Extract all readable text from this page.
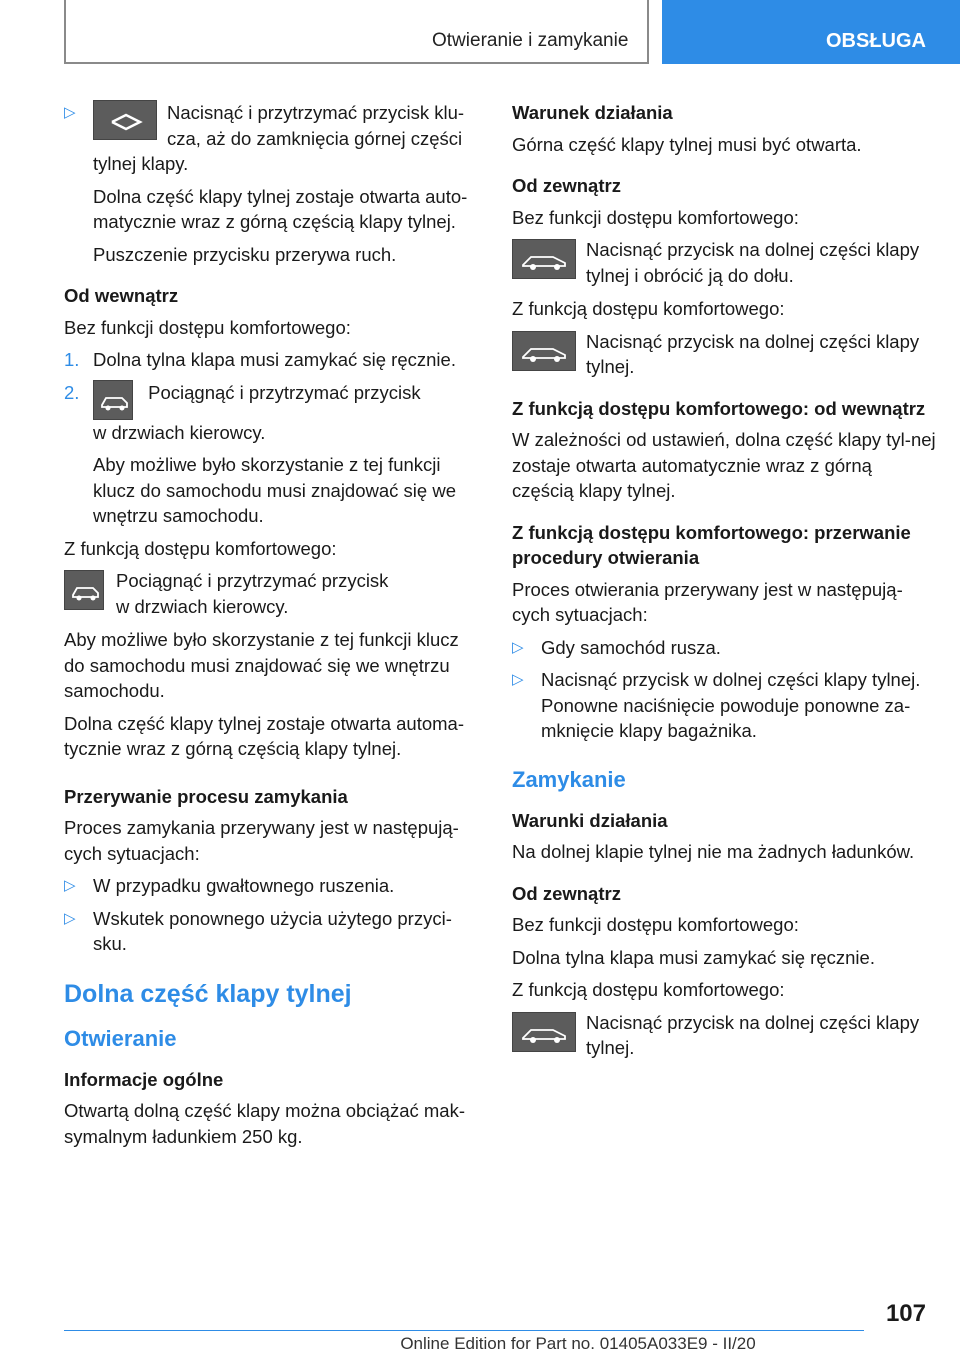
Otwieranie i zamykanie	OBSŁUGA
▷	Nacisnąć i przytrzymać przycisk klu-
cza, aż do zamknięcia górnej części
tylnej klapy.

Dolna część klapy tylnej zostaje otwarta auto-matycznie wraz z górną częścią klapy tylnej.

Puszczenie przycisku przerywa ruch.

Od wewnątrz

Bez funkcji dostępu komfortowego:

1. Dolna tylna klapa musi zamykać się ręcznie.
2.	Pociągnąć i przytrzymać przycisk
w drzwiach kierowcy.

Aby możliwe było skorzystanie z tej funkcji klucz do samochodu musi znajdować się we wnętrzu samochodu.

Z funkcją dostępu komfortowego:

Pociągnąć i przytrzymać przycisk
w drzwiach kierowcy.

Aby możliwe było skorzystanie z tej funkcji klucz do samochodu musi znajdować się we wnętrzu samochodu.

Dolna część klapy tylnej zostaje otwarta automa-tycznie wraz z górną częścią klapy tylnej.

Przerywanie procesu zamykania

Proces zamykania przerywany jest w następują-cych sytuacjach:

▷ W przypadku gwałtownego ruszenia.
▷ Wskutek ponownego użycia użytego przyci-sku.
Dolna część klapy tylnej
Otwieranie
Informacje ogólne

Otwartą dolną część klapy można obciążać mak-symalnym ładunkiem 250 kg.

Warunek działania

Górna część klapy tylnej musi być otwarta.

Od zewnątrz

Bez funkcji dostępu komfortowego:

Nacisnąć przycisk na dolnej części klapy tylnej i obrócić ją do dołu.

Z funkcją dostępu komfortowego:

Nacisnąć przycisk na dolnej części klapy tylnej.
Z funkcją dostępu komfortowego: od wewnątrz

W zależności od ustawień, dolna część klapy tyl-nej zostaje otwarta automatycznie wraz z górną częścią klapy tylnej.

Z funkcją dostępu komfortowego: przerwanie procedury otwierania

Proces otwierania przerywany jest w następują-cych sytuacjach:

▷ Gdy samochód rusza.
▷ Nacisnąć przycisk w dolnej części klapy tylnej. Ponowne naciśnięcie powoduje ponowne za-mknięcie klapy bagażnika.
Zamykanie
Warunki działania

Na dolnej klapie tylnej nie ma żadnych ładunków.

Od zewnątrz

Bez funkcji dostępu komfortowego:

Dolna tylna klapa musi zamykać się ręcznie.

Z funkcją dostępu komfortowego:

Nacisnąć przycisk na dolnej części klapy tylnej.
107
Online Edition for Part no. 01405A033E9 - II/20
